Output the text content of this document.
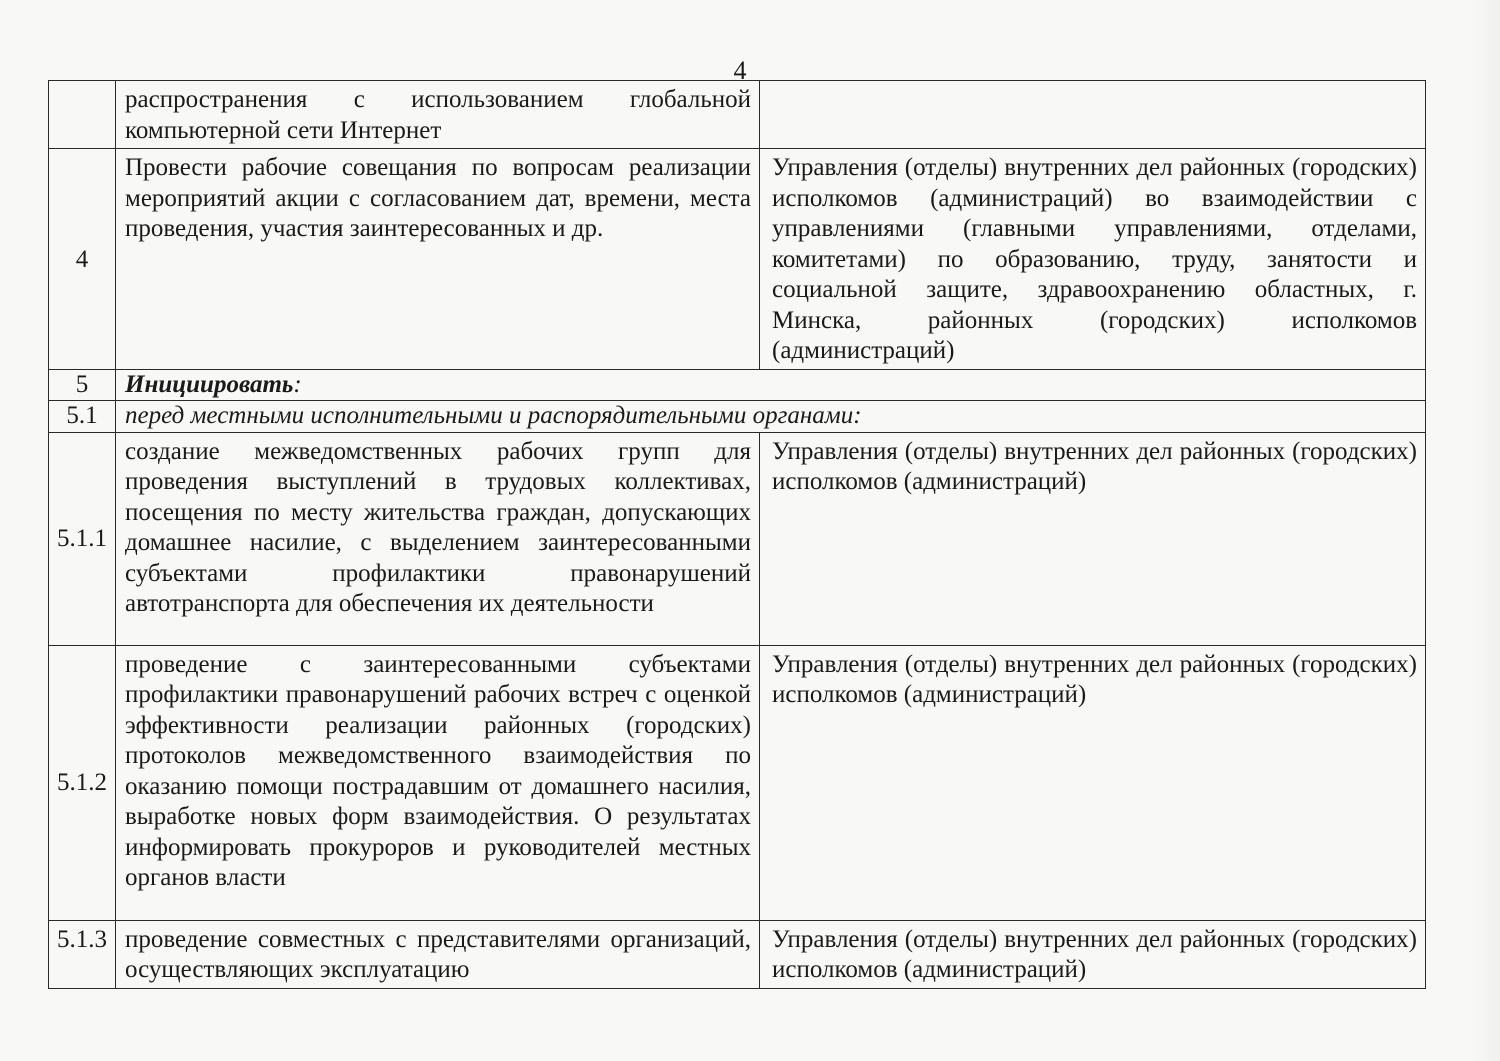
4
	распространения с использованием глобальной компьютерной сети Интернет	
4	Провести рабочие совещания по вопросам реализации мероприятий акции с согласованием дат, времени, места проведения, участия заинтересованных и др.	Управления (отделы) внутренних дел районных (городских) исполкомов (администраций) во взаимодействии с управлениями (главными управлениями, отделами, комитетами) по образованию, труду, занятости и социальной защите, здравоохранению областных, г. Минска, районных (городских) исполкомов (администраций)
5	Инициировать:	
5.1	перед местными исполнительными и распорядительными органами:	
5.1.1	создание межведомственных рабочих групп для проведения выступлений в трудовых коллективах, посещения по месту жительства граждан, допускающих домашнее насилие, с выделением заинтересованными субъектами профилактики правонарушений автотранспорта для обеспечения их деятельности	Управления (отделы) внутренних дел районных (городских) исполкомов (администраций)
5.1.2	проведение с заинтересованными субъектами профилактики правонарушений рабочих встреч с оценкой эффективности реализации районных (городских) протоколов межведомственного взаимодействия по оказанию помощи пострадавшим от домашнего насилия, выработке новых форм взаимодействия. О результатах информировать прокуроров и руководителей местных органов власти	Управления (отделы) внутренних дел районных (городских) исполкомов (администраций)
5.1.3	проведение совместных с представителями организаций, осуществляющих эксплуатацию	Управления (отделы) внутренних дел районных (городских) исполкомов (администраций)
